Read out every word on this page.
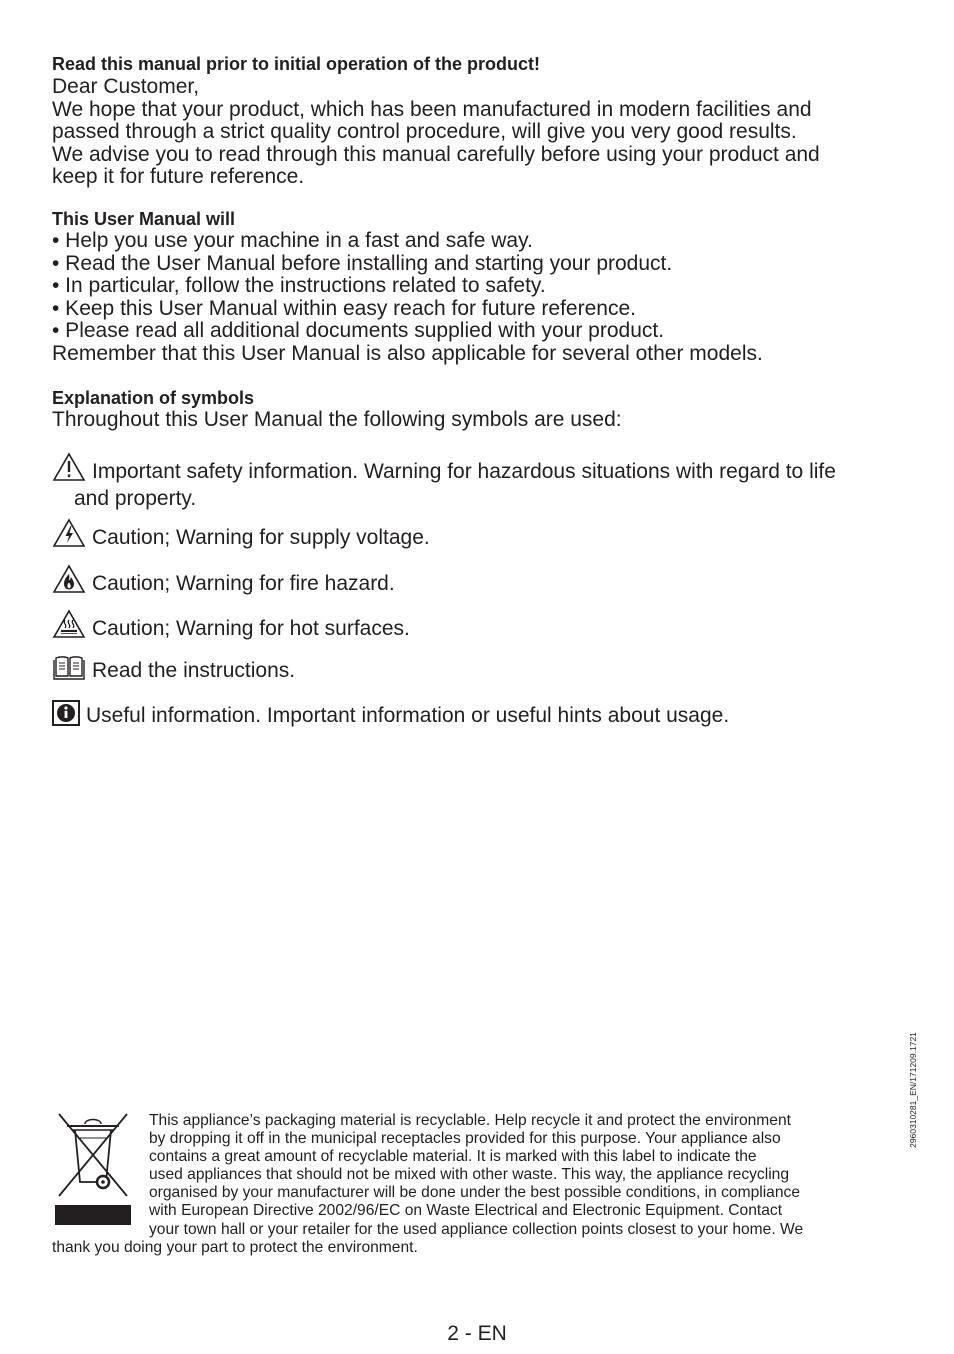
Read this manual prior to initial operation of the product!
Dear Customer,
We hope that your product, which has been manufactured in modern facilities and
passed through a strict quality control procedure, will give you very good results.
We advise you to read through this manual carefully before using your product and
keep it for future reference.
This User Manual will
• Help you use your machine in a fast and safe way.
• Read the User Manual before installing and starting your product.
• In particular, follow the instructions related to safety.
• Keep this User Manual within easy reach for future reference.
• Please read all additional documents supplied with your product.
Remember that this User Manual is also applicable for several other models.
Explanation of symbols
Throughout this User Manual the following symbols are used:
Important safety information. Warning for hazardous situations with regard to life
and property.
Caution; Warning for supply voltage.
Caution; Warning for fire hazard.
Caution; Warning for hot surfaces.
Read the instructions.
Useful information. Important information or useful hints about usage.
2960310281_EN/171209.1721
This appliance’s packaging material is recyclable. Help recycle it and protect the environment
by dropping it off in the municipal receptacles provided for this purpose. Your appliance also
contains a great amount of recyclable material. It is marked with this label to indicate the
used appliances that should not be mixed with other waste. This way, the appliance recycling
organised by your manufacturer will be done under the best possible conditions, in compliance
with European Directive 2002/96/EC on Waste Electrical and Electronic Equipment. Contact
your town hall or your retailer for the used appliance collection points closest to your home. We
thank you doing your part to protect the environment.
2 - EN
